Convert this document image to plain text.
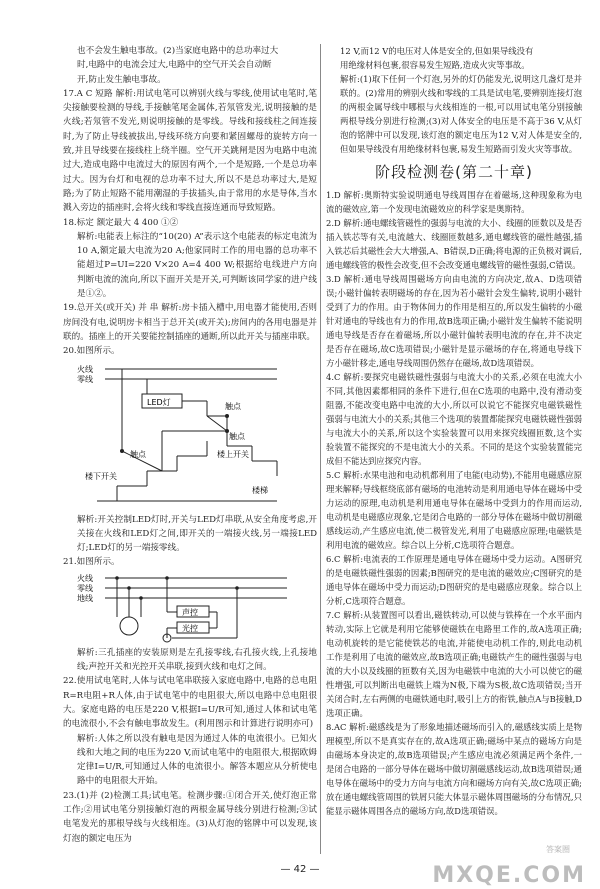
也不会发生触电事故。(2)当家庭电路中的总功率过大

时,电路中的电流会过大,电路中的空气开关会自动断

开,防止发生触电事故。

17.A C 短路 解析:用试电笔可以辨别火线与零线,使用试电笔时,笔尖接触要检测的导线,手接触笔尾金属体,若氖管发光,说明接触的是火线;若氖管不发光,则说明接触的是零线。导线和接线柱之间连接时,为了防止导线被拔出,导线环绕方向要和紧固螺母的旋转方向一致,并且导线要在接线柱上绕半圈。空气开关跳闸是因为电路中电流过大,造成电路中电流过大的原因有两个,一个是短路,一个是总功率过大。因为台灯和电视的总功率不过大,所以不是总功率过大,是短路;为了防止短路不能用潮湿的手拔插头,由于常用的水是导体,当水溅入旁边的插座时,会将火线和零线直接连通而导致短路。

18.标定 额定最大 4 400 ①②

解析:电能表上标注的“10(20) A”表示这个电能表的标定电流为10 A,额定最大电流为20 A;他家同时工作的用电器的总功率不能超过P=UI=220 V×20 A=4 400 W;根据给电线进户方向判断电流的流向,所以下面开关是开关,可判断该同学家的进户线是①②。

19.总开关(或开关) 并 串 解析:房卡插入槽中,用电器才能使用,否则房间没有电,说明房卡相当于总开关(或开关);房间内的各用电器是并联的。插座上的开关要能控制插座的通断,所以此开关与插座串联。

20.如图所示。

火线
零线
LED灯	触点
触点
触点
楼上开关
楼下开关
楼梯

解析:开关控制LED灯时,开关与LED灯串联,从安全角度考虑,开关接在火线和LED灯之间,即开关的一端接火线,另一端接LED灯;LED灯的另一端接零线。

21.如图所示。

火线
零线
地线
声控
光控

解析:三孔插座的安装原则是左孔接零线,右孔接火线,上孔接地线;声控开关和光控开关串联,接到火线和电灯之间。

22.使用试电笔时,人体与试电笔串联接入家庭电路中,电路的总电阻R=R电阻+R人体,由于试电笔中的电阻很大,所以电路中总电阻很大。家庭电路的电压是220 V,根据I=U/R可知,通过人体和试电笔的电流很小,不会有触电事故发生。(利用图示和计算进行说明亦可)

解析:人体之所以没有触电是因为通过人体的电流很小。已知火线和大地之间的电压为220 V,而试电笔中的电阻很大,根据欧姆定律I=U/R,可知通过人体的电流很小。解答本题应从分析使电路中的电阻很大开始。

23.(1)并 (2)检测工具;试电笔。检测步骤:①闭合开关,使灯泡正常工作;②用试电笔分别接触灯泡的两根金属导线分别进行检测;③试电笔发光的那根导线与火线相连。(3)从灯泡的铭牌中可以发现,该灯泡的额定电压为

12 V,而12 V的电压对人体是安全的,但如果导线没有

用绝缘材料包裹,很容易发生短路,造成火灾等事故。

解析:(1)取下任何一个灯泡,另外的灯仍能发光,说明这几盏灯是并联的。(2)常用的辨别火线和零线的工具是试电笔,要辨别连接灯泡的两根金属导线中哪根与火线相连的一根,可以用试电笔分别接触两根导线分别进行检测;(3)对人体安全的电压是不高于36 V,从灯泡的铭牌中可以发现,该灯泡的额定电压为12 V,对人体是安全的,但如果导线没有用绝缘材料包裹,易发生短路而引发火灾等事故。

阶段检测卷(第二十章)

1.D 解析:奥斯特实验说明通电导线周围存在着磁场,这种现象称为电流的磁效应,第一个发现电流磁效应的科学家是奥斯特。

2.D 解析:通电螺线管磁性的强弱与电流的大小、线圈的匝数以及是否插入铁芯等有关,电流越大、线圈匝数越多,通电螺线管的磁性越强,插入铁芯后其磁性会大大增强,A、B错误,D正确;将电源的正负极对调后,通电螺线管的极性会改变,但不会改变通电螺线管的磁性强弱,C错误。

3.D 解析:通电导线周围磁场方向由电流的方向决定,故A、D选项错误;小磁针偏转表明磁场的存在,因为若小磁针会发生偏转,说明小磁针受到了力的作用。由于物体间力的作用是相互的,所以发生偏转的小磁针对通电的导线也有力的作用,故B选项正确;小磁针发生偏转不能说明通电导线是否存在着磁场,所以小磁针偏转表明电流的存在,并不决定是否存在磁场,故C选项错误;小磁针是显示磁场的存在,将通电导线下方小磁针移走,通电导线周围仍然存在磁场,故D选项错误。

4.C 解析:要探究电磁铁磁性强弱与电流大小的关系,必须在电流大小不同,其他因素都相同的条件下进行,但在C选项的电路中,没有滑动变阻器,不能改变电路中电流的大小,所以可以说它不能探究电磁铁磁性强弱与电流大小的关系;其他三个选项的装置都能探究电磁铁磁性强弱与电流大小的关系,所以这个实验装置可以用来探究线圈匝数,这个实验装置不能探究的不是电流大小的关系。不同的是这个实验装置能完成但不能达到应探究内容。

5.C 解析:水果电池和电动机都利用了电能(电动势),不能用电磁感应原理来解释;导线框绕底部有磁场的电池转动是利用通电导体在磁场中受力运动的原理,电动机是利用通电导体在磁场中受到力的作用而运动,电动机是电磁感应现象,它是闭合电路的一部分导体在磁场中做切割磁感线运动,产生感应电流,使二极管发光,利用了电磁感应原理;电磁铁是利用电流的磁效应。综合以上分析,C选项符合题意。

6.C 解析:电流表的工作原理是通电导体在磁场中受力运动。A图研究的是电磁铁磁性强弱的因素;B图研究的是电流的磁效应;C图研究的是通电导体在磁场中受力而运动;D图研究的是电磁感应现象。综合以上分析,C选项符合题意。

7.C 解析:从装置图可以看出,磁铁转动,可以使与铁棒在一个水平面内转动,实际上它就是利用它能够使磁铁在电路里工作的,故A选项正确;电动机旋转的是它能使铁芯的电流,并能使电动机工作的,则此电动机工作是利用了电流的磁效应,故B选项正确;电磁铁产生的磁性强弱与电流的大小以及线圈的匝数有关,因为电磁铁中电流的大小可以使它的磁性增强,可以判断出电磁铁上端为N极,下端为S极,故C选项错误;当开关闭合时,左右两侧的电磁铁通电时,吸引上方的衔铁,触点A与B接触,D选项正确。

8.AC 解析:磁感线是为了形象地描述磁场而引入的,磁感线实质上是物理模型,所以不是真实存在的,故A选项正确;磁场中某点的磁场方向是由磁场本身决定的,故B选项错误;产生感应电流必须满足两个条件,一是闭合电路的一部分导体在磁场中做切割磁感线运动,故B选项错误;通电导体在磁场中的受力方向与电流方向和磁场方向有关,故C选项正确;放在通电螺线管周围的铁屑只能大体显示磁体周围磁场的分布情况,只能显示磁体周围各点的磁场方向,故D选项错误。

— 42 —
答案圈
MXQE.COM
